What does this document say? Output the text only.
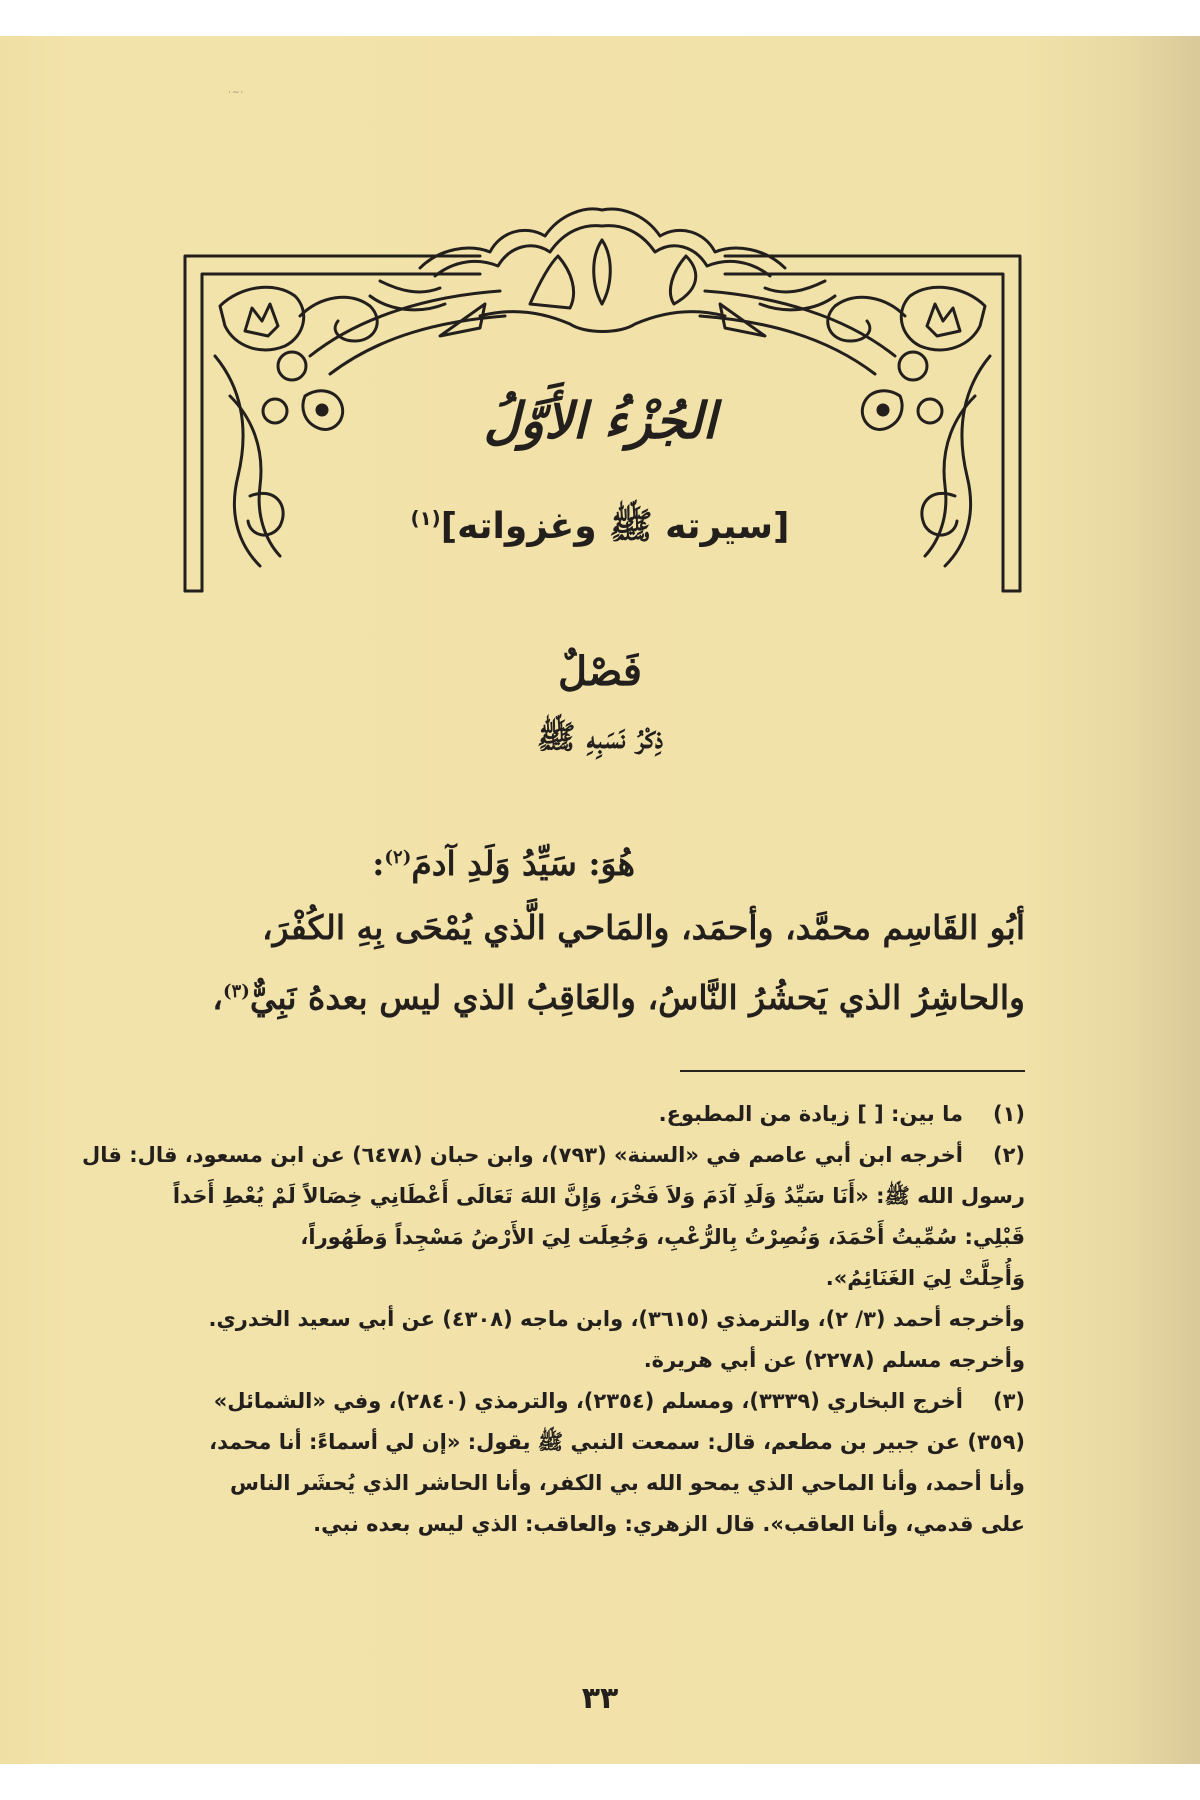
·~·
الجُزْءُ الأَوَّلُ
[سيرته ﷺ وغزواته]$^{(١)}$
فَصْلٌ
ذِكْرُ نَسَبِهِ ﷺ
هُوَ: سَيِّدُ وَلَدِ آدمَ$^{(٢)}$:
أبُو القَاسِم محمَّد، وأحمَد، والمَاحي الَّذي يُمْحَى بِهِ الكُفْرَ،
والحاشِرُ الذي يَحشُرُ النَّاسُ، والعَاقِبُ الذي ليس بعدهُ نَبِيٌّ$^{(٣)}$،
(١)
ما بين: [ ] زيادة من المطبوع.
(٢)
أخرجه ابن أبي عاصم في «السنة» (٧٩٣)، وابن حبان (٦٤٧٨) عن ابن مسعود، قال: قال
رسول الله ﷺ: «أَنَا سَيِّدُ وَلَدِ آدَمَ وَلاَ فَخْرَ، وَإِنَّ اللهَ تَعَالَى أَعْطَانِي خِصَالاً لَمْ يُعْطِ أَحَداً
قَبْلِي: سُمِّيتُ أَحْمَدَ، وَنُصِرْتُ بِالرُّعْبِ، وَجُعِلَت لِيَ الأَرْضُ مَسْجِداً وَطَهُوراً،
وَأُحِلَّتْ لِيَ الغَنَائِمُ».
وأخرجه أحمد (٣/ ٢)، والترمذي (٣٦١٥)، وابن ماجه (٤٣٠٨) عن أبي سعيد الخدري.
وأخرجه مسلم (٢٢٧٨) عن أبي هريرة.
(٣)
أخرج البخاري (٣٣٣٩)، ومسلم (٢٣٥٤)، والترمذي (٢٨٤٠)، وفي «الشمائل»
(٣٥٩) عن جبير بن مطعم، قال: سمعت النبي ﷺ يقول: «إن لي أسماءً: أنا محمد،
وأنا أحمد، وأنا الماحي الذي يمحو الله بي الكفر، وأنا الحاشر الذي يُحشَر الناس
على قدمي، وأنا العاقب». قال الزهري: والعاقب: الذي ليس بعده نبي.
٣٣
